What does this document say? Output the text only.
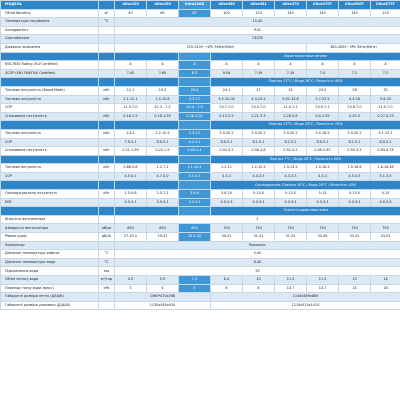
МОДЕЛЬ		Ultra120	Ultra150	Ultra240D	Ultra360	Ultra361	Ultra370	Ultra370T	Ultra500T	Ultra575T
Об'єм басейну	м³	40	60	80	100	120	140	140	140	120
Температура нагрівання	°C	15-40								
Холодоагент		R32								
Сертифікація		CE/CB								
Джерело живлення		220-240V~/1Ph 50Hz(60Hz)						380-400V~3Ph 50Hz(60Hz)		
					Характеристики нагріву					
EN17645 Rating (TuV Certified)		A	A	A	A	A	A	A	A	A
SCOP (EN17645TuV Certified)		7.45	7.65	8.3	9.54	7.39	7.39	7.4	7.2	7.2
					Повітря 27°C / Вода 26°C / Вологість 80%					
Теплова потужність (Boost Mode)	кВт	12.1	15.3	20.4	24.1	27	32	23.5	28	32
Теплова потужність	кВт	2.1-12.1	2.5-15.8	3.2-17	3.5-20.04	4.3-23.5	5.01-33.6	3.7-23.5	4.3-28	5.6-33
COP		21.5-7.0	22.3 - 7.2	22.4 - 7.9	20.7-7.0	20.0-7.0	21.0-7.1	20.9-7.1	20.6-7.0	21.0-7.0
Споживана потужність	кВт	0.16-1.5	0.18-1.93	0.26-2.02	0.13-2.5	0.21-3.3	0.26-3.6	0.4-2.05	0.25-3	0.27-4.23
					Повітря 15°C / Вода 26°C / Вологість 70%					
Теплова потужність	кВт	1.8-1	1.2-10.5	2.5-12	3.3-20.2	3.3-20.2	3.3-20.2	2.4-18.5	3.3-20.2	3.1-23.1
COP		7.9-5.1	8.0-5.1	9.4-5.2	8.0-5.1	8.1-5.1	8.2-5.2	8.0-5.1	8.1-5.2	8.0-5.1
Споживана потужність	кВт	0.21-1.59	0.25-1.9	0.49-2.4	0.42-3.2	0.46-3.8	0.51-4.2	0.49-2.87	0.55-3.5	0.63-4.76
					Повітря 7°C / Вода 26°C / Вологість 80%					
Теплова потужність	кВт	0.86-5.8	1.2-7.2	1.1-10.4	1.2-11	1.2-12.2	1.3-13.2	1.5-16.2	1.5-16.6	1.8-18.48
COP		4.5-4.1	4.7-4.0	4.5-4.1	4.3-3	4.4-3.5	4.3-3.5	4.3-3	4.5-3.5	4.1-3.5
					Охолодження: Повітря 35°C / Вода 28°C / Вологість 40%					
Охолоджувальна потужність	кВт	1.5-4.8	2.5-7.2	3.6-9	3.6-10	5-10.5	5-13.5	5-13	4-15.5	4-15
EER		4.5-4.1	3.9-3.2	3.9-3.2	4.0-2.5	4.0-3.2	4.0-3.2	4.5-3.2	4.0-3.2	4.0-3.3
					Технічні характеристики					
Кількість вентилятора		1								
Швидкість вентилятора	об/хв	650	650	650	700	750	750	750	750	750
Рівень шуму	дБ(А)	27-45.5	29-47	26.5-45	30-51	31-51	31-52	33-49	33-51	33-52
Компресор		Panasonic								
Діапазон температури роботи	°C	5-40								
Діапазон температури води	°C	8-40								
Підключення води	мм	50								
Об'єм потоку води	м³/год	4.5	5.9	7.3	8.4	10	11.3	11.3	13	14
Перепад тиску води (макс)	kPa	3	4	5	6	8	14.7	14.7	14	18
Габаритні розміри нетто (Д/Ш/В)		1060*470x768			1144x489x865					
Габаритні розміри упаковки (Д/Ш/В)		1130x485x910			1210x515x1010					
